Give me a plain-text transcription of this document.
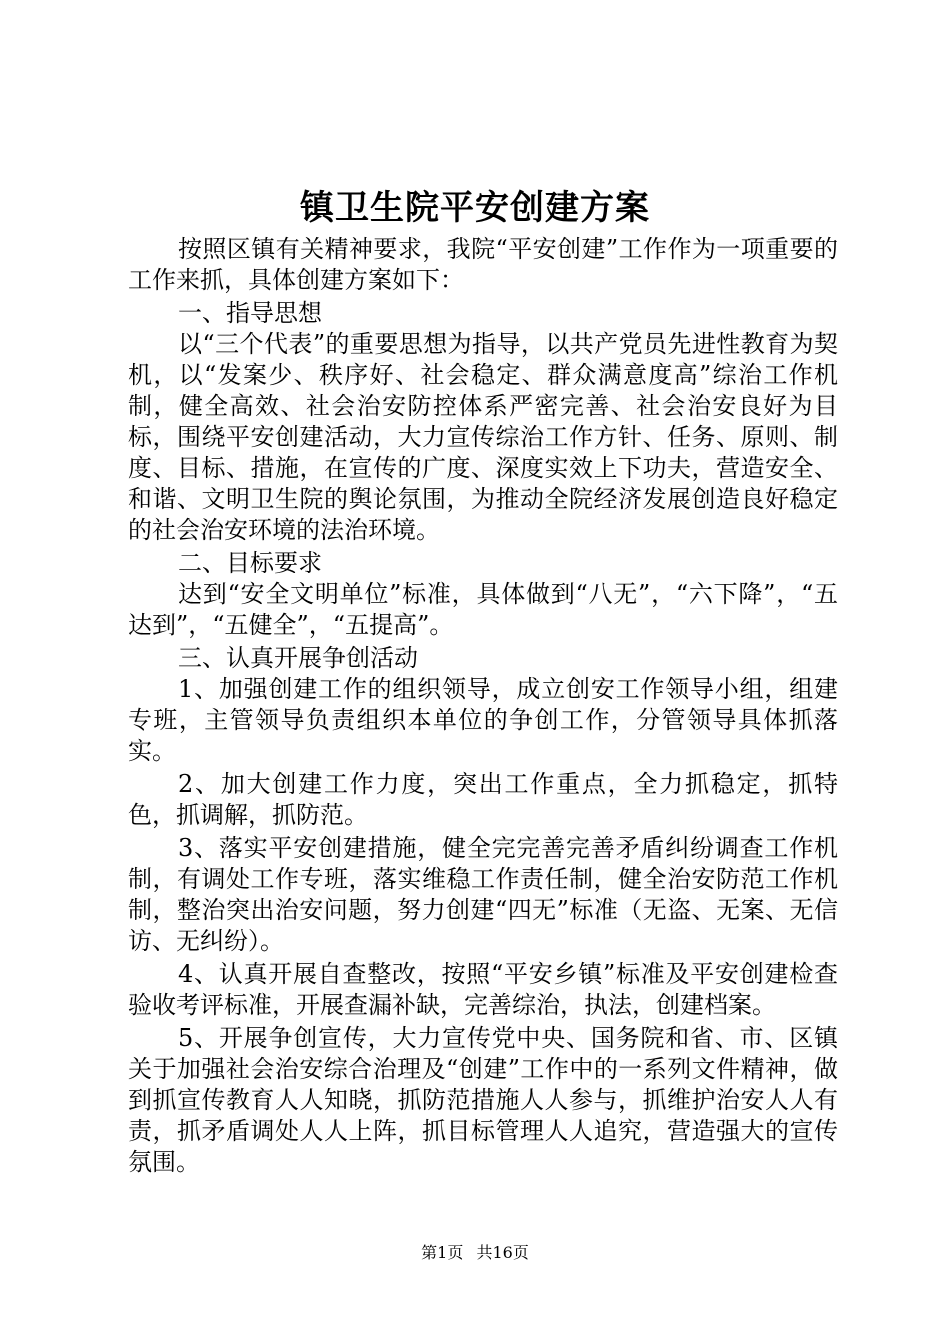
镇卫生院平安创建方案

按照区镇有关精神要求，我院“平安创建”工作作为一项重要的工作来抓，具体创建方案如下：

一、指导思想

以“三个代表”的重要思想为指导，以共产党员先进性教育为契机，以“发案少、秩序好、社会稳定、群众满意度高”综治工作机制，健全高效、社会治安防控体系严密完善、社会治安良好为目标，围绕平安创建活动，大力宣传综治工作方针、任务、原则、制度、目标、措施，在宣传的广度、深度实效上下功夫，营造安全、和谐、文明卫生院的舆论氛围，为推动全院经济发展创造良好稳定的社会治安环境的法治环境。

二、目标要求

达到“安全文明单位”标准，具体做到“八无”，“六下降”，“五达到”，“五健全”，“五提高”。

三、认真开展争创活动

1、加强创建工作的组织领导，成立创安工作领导小组，组建专班，主管领导负责组织本单位的争创工作，分管领导具体抓落实。

2、加大创建工作力度，突出工作重点，全力抓稳定，抓特色，抓调解，抓防范。

3、落实平安创建措施，健全完完善完善矛盾纠纷调查工作机制，有调处工作专班，落实维稳工作责任制，健全治安防范工作机制，整治突出治安问题，努力创建“四无”标准（无盗、无案、无信访、无纠纷）。

4、认真开展自查整改，按照“平安乡镇”标准及平安创建检查验收考评标准，开展查漏补缺，完善综治，执法，创建档案。

5、开展争创宣传，大力宣传党中央、国务院和省、市、区镇关于加强社会治安综合治理及“创建”工作中的一系列文件精神，做到抓宣传教育人人知晓，抓防范措施人人参与，抓维护治安人人有责，抓矛盾调处人人上阵，抓目标管理人人追究，营造强大的宣传氛围。

第1页 共16页
